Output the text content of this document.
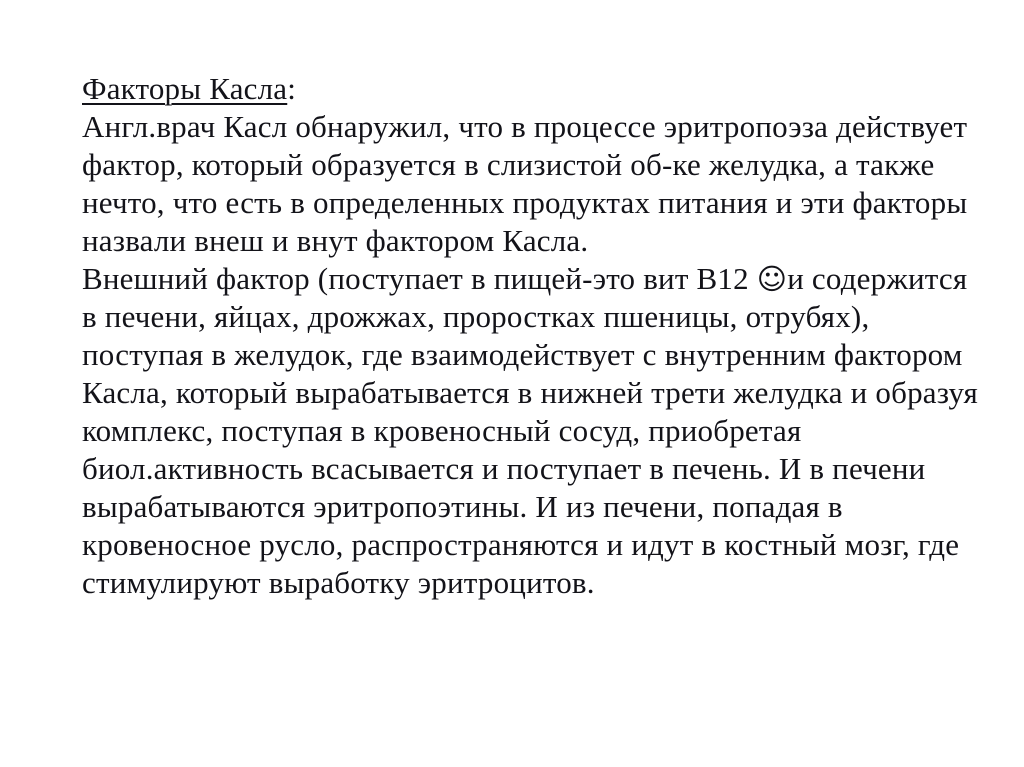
Факторы Касла:
Англ.врач Касл обнаружил, что в процессе эритропоэза действует
фактор, который образуется в слизистой об-ке желудка, а также
нечто, что есть в определенных продуктах питания и эти факторы
назвали внеш и внут фактором Касла.
Внешний фактор (поступает в пищей-это вит В12 ☺и содержится
в печени, яйцах, дрожжах, проростках пшеницы, отрубях),
поступая в желудок, где взаимодействует с внутренним фактором
Касла, который вырабатывается в нижней трети желудка и образуя
комплекс, поступая в кровеносный сосуд, приобретая
биол.активность всасывается и поступает в печень. И в печени
вырабатываются эритропоэтины. И из печени, попадая в
кровеносное русло, распространяются и идут в костный мозг, где
стимулируют выработку эритроцитов.
